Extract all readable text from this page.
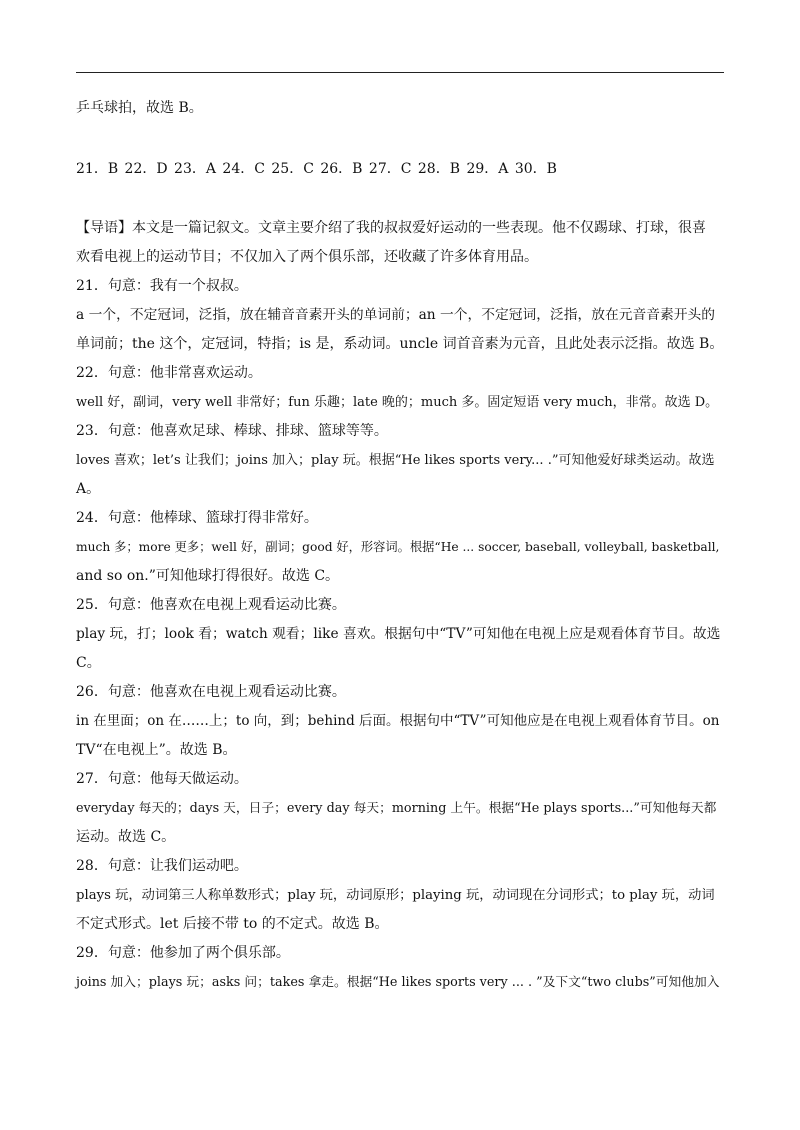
乒乓球拍，故选 B。
21．B 22．D 23．A 24．C 25．C 26．B 27．C 28．B 29．A 30．B
【导语】本文是一篇记叙文。文章主要介绍了我的叔叔爱好运动的一些表现。他不仅踢球、打球，很喜
欢看电视上的运动节目；不仅加入了两个俱乐部，还收藏了许多体育用品。
21．句意：我有一个叔叔。
a 一个，不定冠词，泛指，放在辅音音素开头的单词前；an 一个，不定冠词，泛指，放在元音音素开头的
单词前；the 这个，定冠词，特指；is 是，系动词。uncle 词首音素为元音，且此处表示泛指。故选 B。
22．句意：他非常喜欢运动。
well 好，副词，very well 非常好；fun 乐趣；late 晚的；much 多。固定短语 very much，非常。故选 D。
23．句意：他喜欢足球、棒球、排球、篮球等等。
loves 喜欢；let’s 让我们；joins 加入；play 玩。根据“He likes sports very... .”可知他爱好球类运动。故选
A。
24．句意：他棒球、篮球打得非常好。
much 多；more 更多；well 好，副词；good 好，形容词。根据“He ... soccer, baseball, volleyball, basketball,
and so on.”可知他球打得很好。故选 C。
25．句意：他喜欢在电视上观看运动比赛。
play 玩，打；look 看；watch 观看；like 喜欢。根据句中“TV”可知他在电视上应是观看体育节目。故选
C。
26．句意：他喜欢在电视上观看运动比赛。
in 在里面；on 在……上；to 向，到；behind 后面。根据句中“TV”可知他应是在电视上观看体育节目。on
TV“在电视上”。故选 B。
27．句意：他每天做运动。
everyday 每天的；days 天，日子；every day 每天；morning 上午。根据“He plays sports...”可知他每天都
运动。故选 C。
28．句意：让我们运动吧。
plays 玩，动词第三人称单数形式；play 玩，动词原形；playing 玩，动词现在分词形式；to play 玩，动词
不定式形式。let 后接不带 to 的不定式。故选 B。
29．句意：他参加了两个俱乐部。
joins 加入；plays 玩；asks 问；takes 拿走。根据“He likes sports very ... . ”及下文“two clubs”可知他加入
